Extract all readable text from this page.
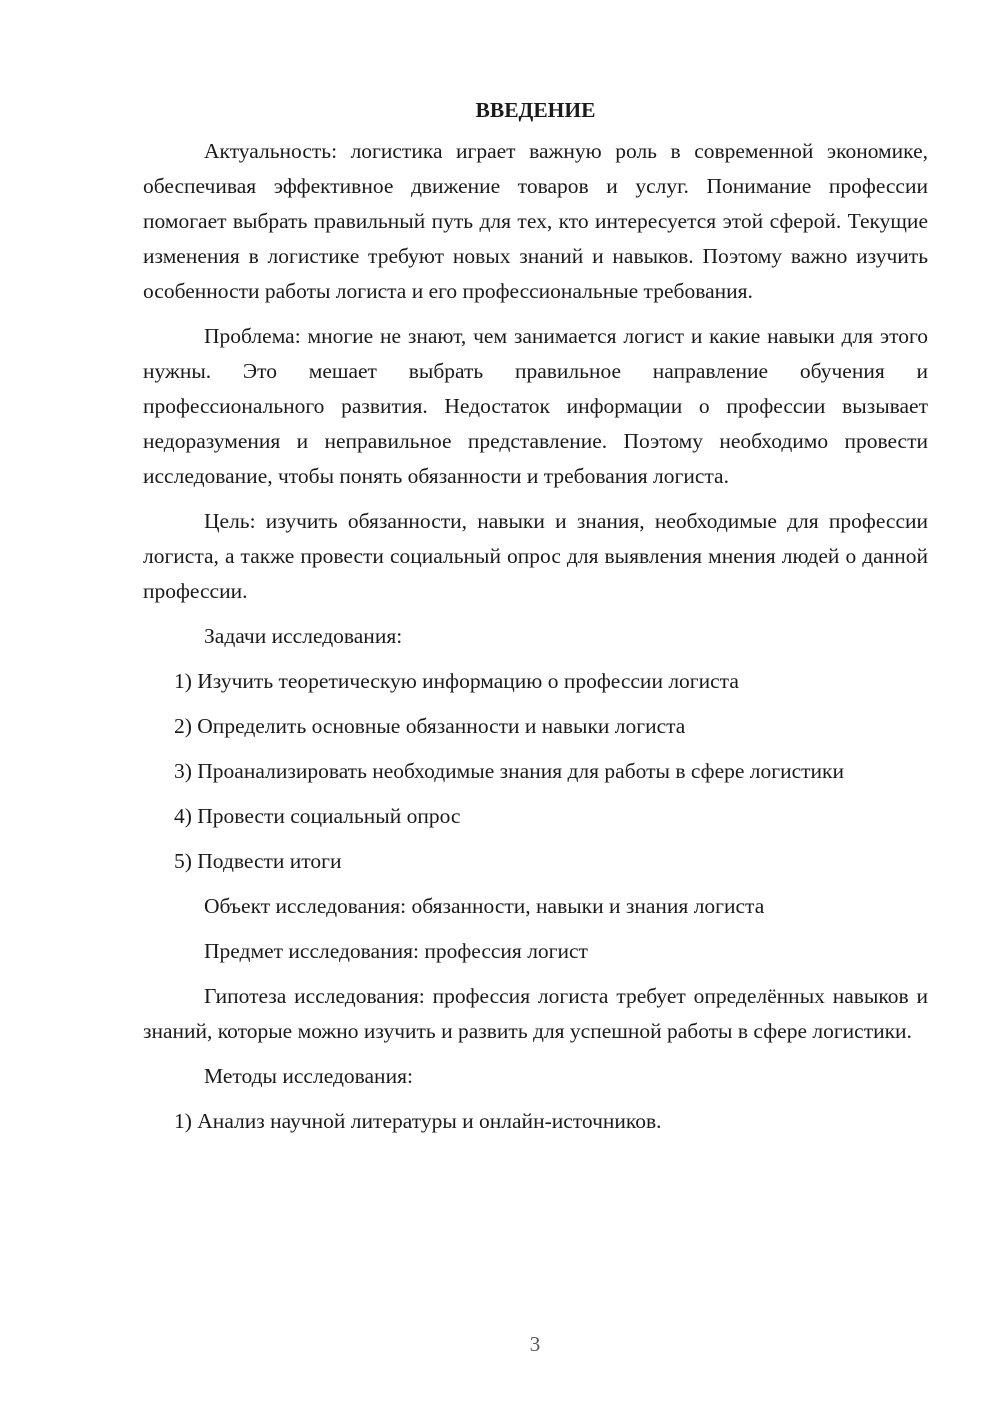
ВВЕДЕНИЕ

Актуальность: логистика играет важную роль в современной экономике, обеспечивая эффективное движение товаров и услуг. Понимание профессии помогает выбрать правильный путь для тех, кто интересуется этой сферой. Текущие изменения в логистике требуют новых знаний и навыков. Поэтому важно изучить особенности работы логиста и его профессиональные требования.

Проблема: многие не знают, чем занимается логист и какие навыки для этого нужны. Это мешает выбрать правильное направление обучения и профессионального развития. Недостаток информации о профессии вызывает недоразумения и неправильное представление. Поэтому необходимо провести исследование, чтобы понять обязанности и требования логиста.

Цель: изучить обязанности, навыки и знания, необходимые для профессии логиста, а также провести социальный опрос для выявления мнения людей о данной профессии.

Задачи исследования:

1) Изучить теоретическую информацию о профессии логиста

2) Определить основные обязанности и навыки логиста

3) Проанализировать необходимые знания для работы в сфере логистики

4) Провести социальный опрос

5) Подвести итоги

Объект исследования: обязанности, навыки и знания логиста

Предмет исследования: профессия логист

Гипотеза исследования: профессия логиста требует определённых навыков и знаний, которые можно изучить и развить для успешной работы в сфере логистики.

Методы исследования:

1) Анализ научной литературы и онлайн-источников.

3
